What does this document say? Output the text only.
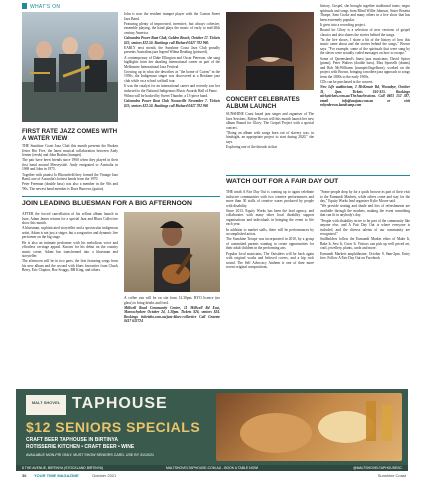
WHAT'S ON
FIRST RATE JAZZ COMES WITH A WATER VIEW

THE Sunshine Coast Jazz Club this month presents the Broken Jester Hot Five, the latest musical collaboration between Andy Jenner (reeds) and John Brahm (trumpet).

The pair have been friends since 1960 when they played in their first band around Merseyside. Andy emigrated to Australia in 1969 and John in 1975.

Together with pianist Jo Bloomfield they formed the Vintage Jazz Band, one of Australia's hottest bands from the 1970.

Peter Freeman (double bass) was also a member in the '60s and '90s. The newest band member is Dave Burrows (guitar).

John is now the resident trumpet player with the Caxton Street Jazz Band.

Featuring plenty of improvised, inventive, but always cohesive, ensemble playing, the band plays the music of early to mid-20th century America.

Caloundra Power Boat Club, Golden Beach, October 17. Tickets $25, seniors $22.50. Bookings call Richard 0427 782 960.

EARLY next month, the Sunshine Coast Jazz Club proudly presents Australian jazz legend Wilma Reading (pictured).

A contemporary of Duke Ellington and Oscar Peterson, she sang highlights from her dazzling international career as part of the Melbourne International Jazz Festival.

Growing up in what she describes as "the home of Cairns" in the 1950s, the Indigenous singer was discovered at a Brisbane jazz club while on a school softball tour.

It was the catalyst for an international career and recently saw her inducted to the National Indigenous Music Awards Hall of Fame.

Wilma will be backed by Sweet Thunder, a 13-piece band.

Caloundra Power Boat Club Noosaville November 7. Tickets $25, seniors $22.50. Bookings call Richard 0427 782 960

CONCERT CELEBRATES ALBUM LAUNCH

SUNSHINE Coast based jazz singer and organiser of The Jazz Sessions, Robyn Brown will this month launch her new album Bound for Glory: The Gospel Project with a special concert.

"Doing an album with songs born out of slavery was, in hindsight, an appropriate project to start during 2020," she says.

Exploring one of the threads in that

history, Gospel, she brought together traditional tunes, negro spirituals and songs from Blind Willie Johnson, Sister Rosetta Tharpe, Sam Cooke and many others in a live show that has been extremely popular.

It grew into a recording project.

Bound for Glory is a selection of new versions of gospel classics and also shares the stories behind the songs.

"In the live shows, I share a bit of the history of how this music came about and the stories behind the songs," Brown says. "For example, some of the spirituals that were sung by the slaves were actually coded messages on how to escape."

Some of Queensland's finest jazz musicians, David Spicer (piano), Peter Walters (double bass), Max Sportelli (drums) and Rob McWilliams (trumpet/flugelhorn), worked on the project with Brown, bringing a modern jazz approach to songs from the 1800s to the early 1900s.

CDs can be purchased at the concert.

New Life auditorium, 2 McKenzie Rd, Woombye, October 31, 2pm. Tickets $10-$15. Bookings stickytickets.com.au/TheJazzSessions. Call 0403 152 387, email info@asajazz.com.au or visit robynbrown.bandcamp.com

JOIN LEADING BLUESMAN FOR A BIG AFTERNOON

AFTER the forced cancellation of his sellout album launch in June, Adam James returns for a special Jazz and Blues Collective show this month.

A bluesman, sophisticated storyteller and a spectacular indigenous artist, Adam is not just a singer, but a songwriter and dynamic live performer on the big stage.

He is also an intimate performer with his melodious voice and effortless on-stage appeal. Known for his debut on the country music scene, Adam has transformed into a bluesman and storyteller.

The afternoon will be in two parts, the first featuring songs from his new album and the second with blues favourites from Chuck Berry, Eric Clapton, Boz Scaggs, BB King, and others.

A coffee van will be on site from 12.30pm. BYO licence (no glass) to bring drinks and food.

Millwell Road Community Centre, 11 Millwell Rd East, Maroochydore October 24, 1.30pm. Tickets $26, seniors $24. Bookings ticketebo.com.au/jazz-blues-collective Call Graeme 0417 633724

WATCH OUT FOR A FAIR DAY OUT

THE ninth A Fair Day Out is coming up to again celebrate inclusive communities with two creative performances and more than 30 stalls of creative wares produced by people with disability.

Since 2013, Equity Works has been the lead agency, and collaborates with many other local disability support organisations and individuals in bringing the event to life each year.

In addition to market stalls, there will be performances by accomplished artists.

The Sunshine Troupe was incorporated in 2010, by a group of committed parents wanting to create opportunities for their adult children in the performing arts.

Popular local musicians, The Outsiders will be back again with original works and beloved covers, and a hip rock sound. The Self Advocacy Anthem is one of their more recent original compositions.

"Some people drop by for a quick browse as part of their visit to the Eumundi Markets, while others come and stay for the day," Equity Works lead organiser Kylie Moore said.

"We provide seating and shade and lots of refreshments are available through the markets, making the event something that can fit in anybody's day.

"People with disability strive to be part of the community like anyone else, and A Fair Day Out is where everyone is included, and the diverse talents of our community are recognised."

Stallholders follow the Eumundi Market ethos of Make It, Bake It, Sew It, Grow It. Visitors can pick up well priced art, craft, jewellery, plants, cards and more.

Eumundi Markets amphitheatre, October 9, 8am-2pm. Entry free. Follow A Fair Day Out on Facebook

MALT SHOVEL TAPHOUSE
$12 SENIORS SPECIALS
CRAFT BEER TAPHOUSE IN BIRTINYA
ROTISSERIE KITCHEN • CRAFT BEER • WINE
AVAILABLE MON-FRI ONLY. MUST SHOW SENIORS CARD. USE BY 31/10/21
8 THE AVENUE, BIRTINYA (STOCKLAND BIRTINYA)	MALTSHOVELTAPHOUSE.COM.AU - BOOK A TABLE NOW!	@MALTSHOVELTAPHOUSESC
36 YOUR TIME MAGAZINE	October 2021	Sunshine Coast
